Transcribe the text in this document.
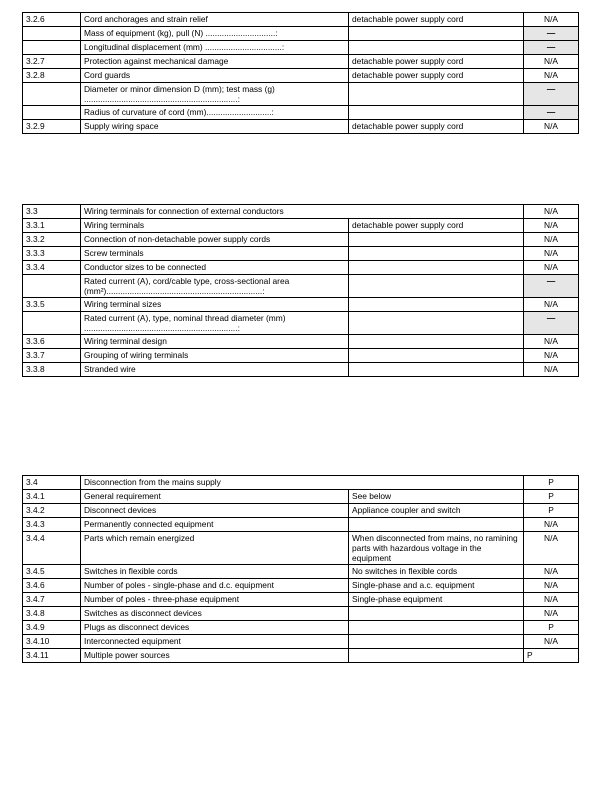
3.2.6	Cord anchorages and strain relief	detachable power supply cord	N/A
	Mass of equipment (kg), pull (N) ..............................:		—
	Longitudinal displacement (mm) .................................:		—
3.2.7	Protection against mechanical damage	detachable power supply cord	N/A
3.2.8	Cord guards	detachable power supply cord	N/A
	Diameter or minor dimension D (mm); test mass (g) ..................................................................:		—
	Radius of curvature of cord (mm)............................:		—
3.2.9	Supply wiring space	detachable power supply cord	N/A
3.3	Wiring terminals for connection of external conductors		N/A
3.3.1	Wiring terminals	detachable power supply cord	N/A
3.3.2	Connection of non-detachable power supply cords		N/A
3.3.3	Screw terminals		N/A
3.3.4	Conductor sizes to be connected		N/A
	Rated current (A), cord/cable type, cross-sectional area (mm²)...................................................................:		—
3.3.5	Wiring terminal sizes		N/A
	Rated current (A), type, nominal thread diameter (mm) ..................................................................:		—
3.3.6	Wiring terminal design		N/A
3.3.7	Grouping of wiring terminals		N/A
3.3.8	Stranded wire		N/A
3.4	Disconnection from the mains supply		P
3.4.1	General requirement	See below	P
3.4.2	Disconnect devices	Appliance coupler and switch	P
3.4.3	Permanently connected equipment		N/A
3.4.4	Parts which remain energized	When disconnected from mains, no ramining parts with hazardous voltage in the equipment	N/A
3.4.5	Switches in flexible cords	No switches in flexible cords	N/A
3.4.6	Number of poles - single-phase and d.c. equipment	Single-phase and a.c. equipment	N/A
3.4.7	Number of poles - three-phase equipment	Single-phase equipment	N/A
3.4.8	Switches as disconnect devices		N/A
3.4.9	Plugs as disconnect devices		P
3.4.10	Interconnected equipment		N/A
3.4.11	Multiple power sources		P
